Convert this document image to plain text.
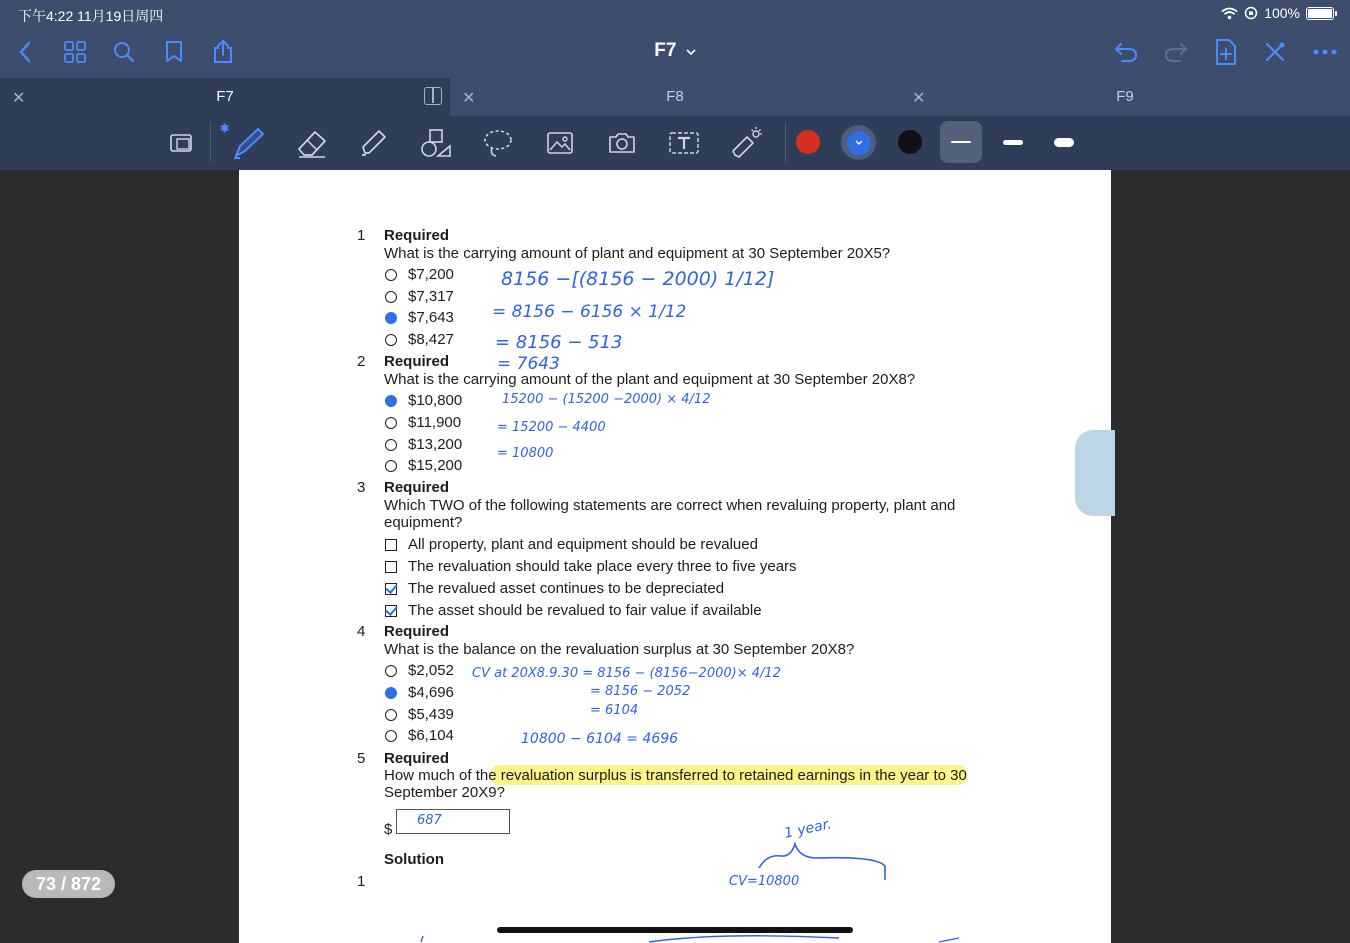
下午4:22 11月19日周四	100%
F7
✕	F7	✕	F8	✕	F9
✱
1 Required
What is the carrying amount of plant and equipment at 30 September 20X5?
$7,200
$7,317
$7,643
$8,427
8156 −[(8156 − 2000) 1/12]
= 8156 − 6156 × 1/12
= 8156 − 513
= 7643
2 Required
What is the carrying amount of the plant and equipment at 30 September 20X8?
$10,800
$11,900
$13,200
$15,200
15200 − (15200 −2000) × 4/12
= 15200 − 4400
= 10800
3 Required
Which TWO of the following statements are correct when revaluing property, plant and
equipment?
All property, plant and equipment should be revalued
The revaluation should take place every three to five years
The revalued asset continues to be depreciated
The asset should be revalued to fair value if available
4 Required
What is the balance on the revaluation surplus at 30 September 20X8?
$2,052
$4,696
$5,439
$6,104
CV at 20X8.9.30 = 8156 − (8156−2000)× 4/12
= 8156 − 2052
= 6104
10800 − 6104 = 4696
5 Required
How much of the revaluation surplus is transferred to retained earnings in the year to 30
September 20X9?
$
687	1 year.
CV=10800
Solution
1
73 / 872
